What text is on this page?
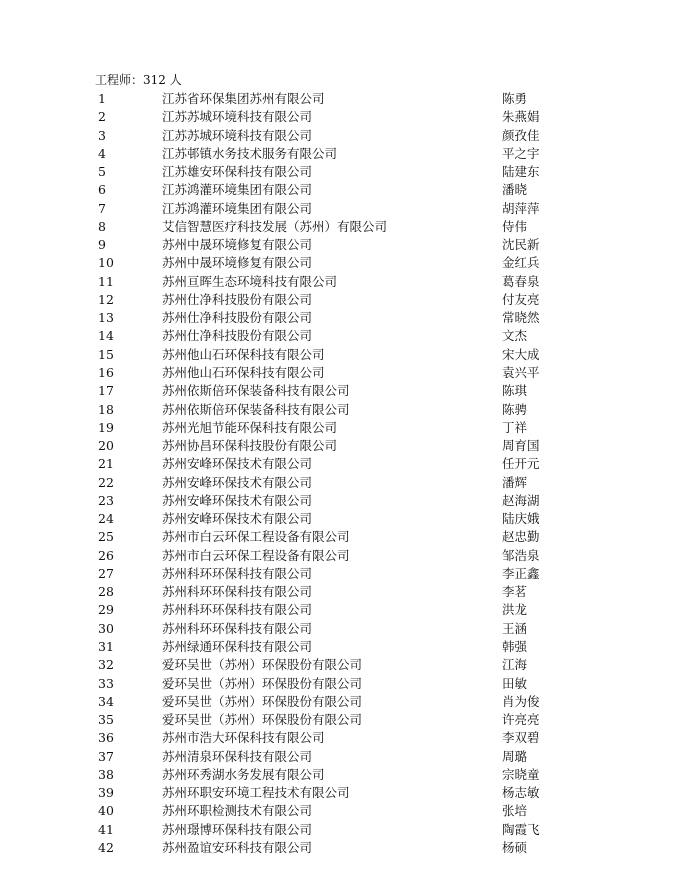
工程师：312 人
1	江苏省环保集团苏州有限公司	陈勇
2	江苏苏城环境科技有限公司	朱燕娟
3	江苏苏城环境科技有限公司	颜孜佳
4	江苏邨镇水务技术服务有限公司	平之宇
5	江苏雄安环保科技有限公司	陆建东
6	江苏鸿灌环境集团有限公司	潘晓
7	江苏鸿灌环境集团有限公司	胡萍萍
8	艾信智慧医疗科技发展（苏州）有限公司	侍伟
9	苏州中晟环境修复有限公司	沈民新
10	苏州中晟环境修复有限公司	金红兵
11	苏州亘晖生态环境科技有限公司	葛春泉
12	苏州仕净科技股份有限公司	付友亮
13	苏州仕净科技股份有限公司	常晓然
14	苏州仕净科技股份有限公司	文杰
15	苏州他山石环保科技有限公司	宋大成
16	苏州他山石环保科技有限公司	袁兴平
17	苏州依斯倍环保装备科技有限公司	陈琪
18	苏州依斯倍环保装备科技有限公司	陈骋
19	苏州光旭节能环保科技有限公司	丁祥
20	苏州协昌环保科技股份有限公司	周育国
21	苏州安峰环保技术有限公司	任开元
22	苏州安峰环保技术有限公司	潘辉
23	苏州安峰环保技术有限公司	赵海湖
24	苏州安峰环保技术有限公司	陆庆娥
25	苏州市白云环保工程设备有限公司	赵忠勤
26	苏州市白云环保工程设备有限公司	邹浩泉
27	苏州科环环保科技有限公司	李正鑫
28	苏州科环环保科技有限公司	李茗
29	苏州科环环保科技有限公司	洪龙
30	苏州科环环保科技有限公司	王涵
31	苏州绿通环保科技有限公司	韩强
32	爱环吴世（苏州）环保股份有限公司	江海
33	爱环吴世（苏州）环保股份有限公司	田敏
34	爱环吴世（苏州）环保股份有限公司	肖为俊
35	爱环吴世（苏州）环保股份有限公司	许亮亮
36	苏州市浩大环保科技有限公司	李双碧
37	苏州清泉环保科技有限公司	周璐
38	苏州环秀湖水务发展有限公司	宗晓童
39	苏州环职安环境工程技术有限公司	杨志敏
40	苏州环职检测技术有限公司	张培
41	苏州璟博环保科技有限公司	陶霞飞
42	苏州盈谊安环科技有限公司	杨硕
